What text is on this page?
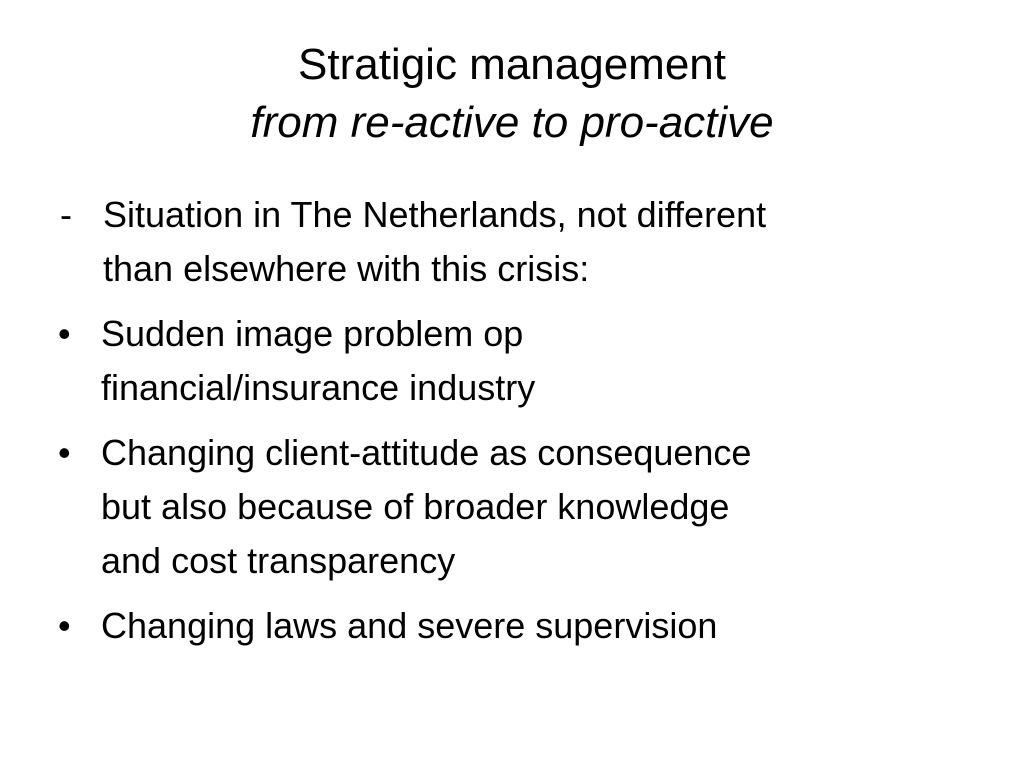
Stratigic management
from re-active to pro-active
- Situation in The Netherlands, not different
than elsewhere with this crisis:
• Sudden image problem op
financial/insurance industry
• Changing client-attitude as consequence
but also because of broader knowledge
and cost transparency
• Changing laws and severe supervision
